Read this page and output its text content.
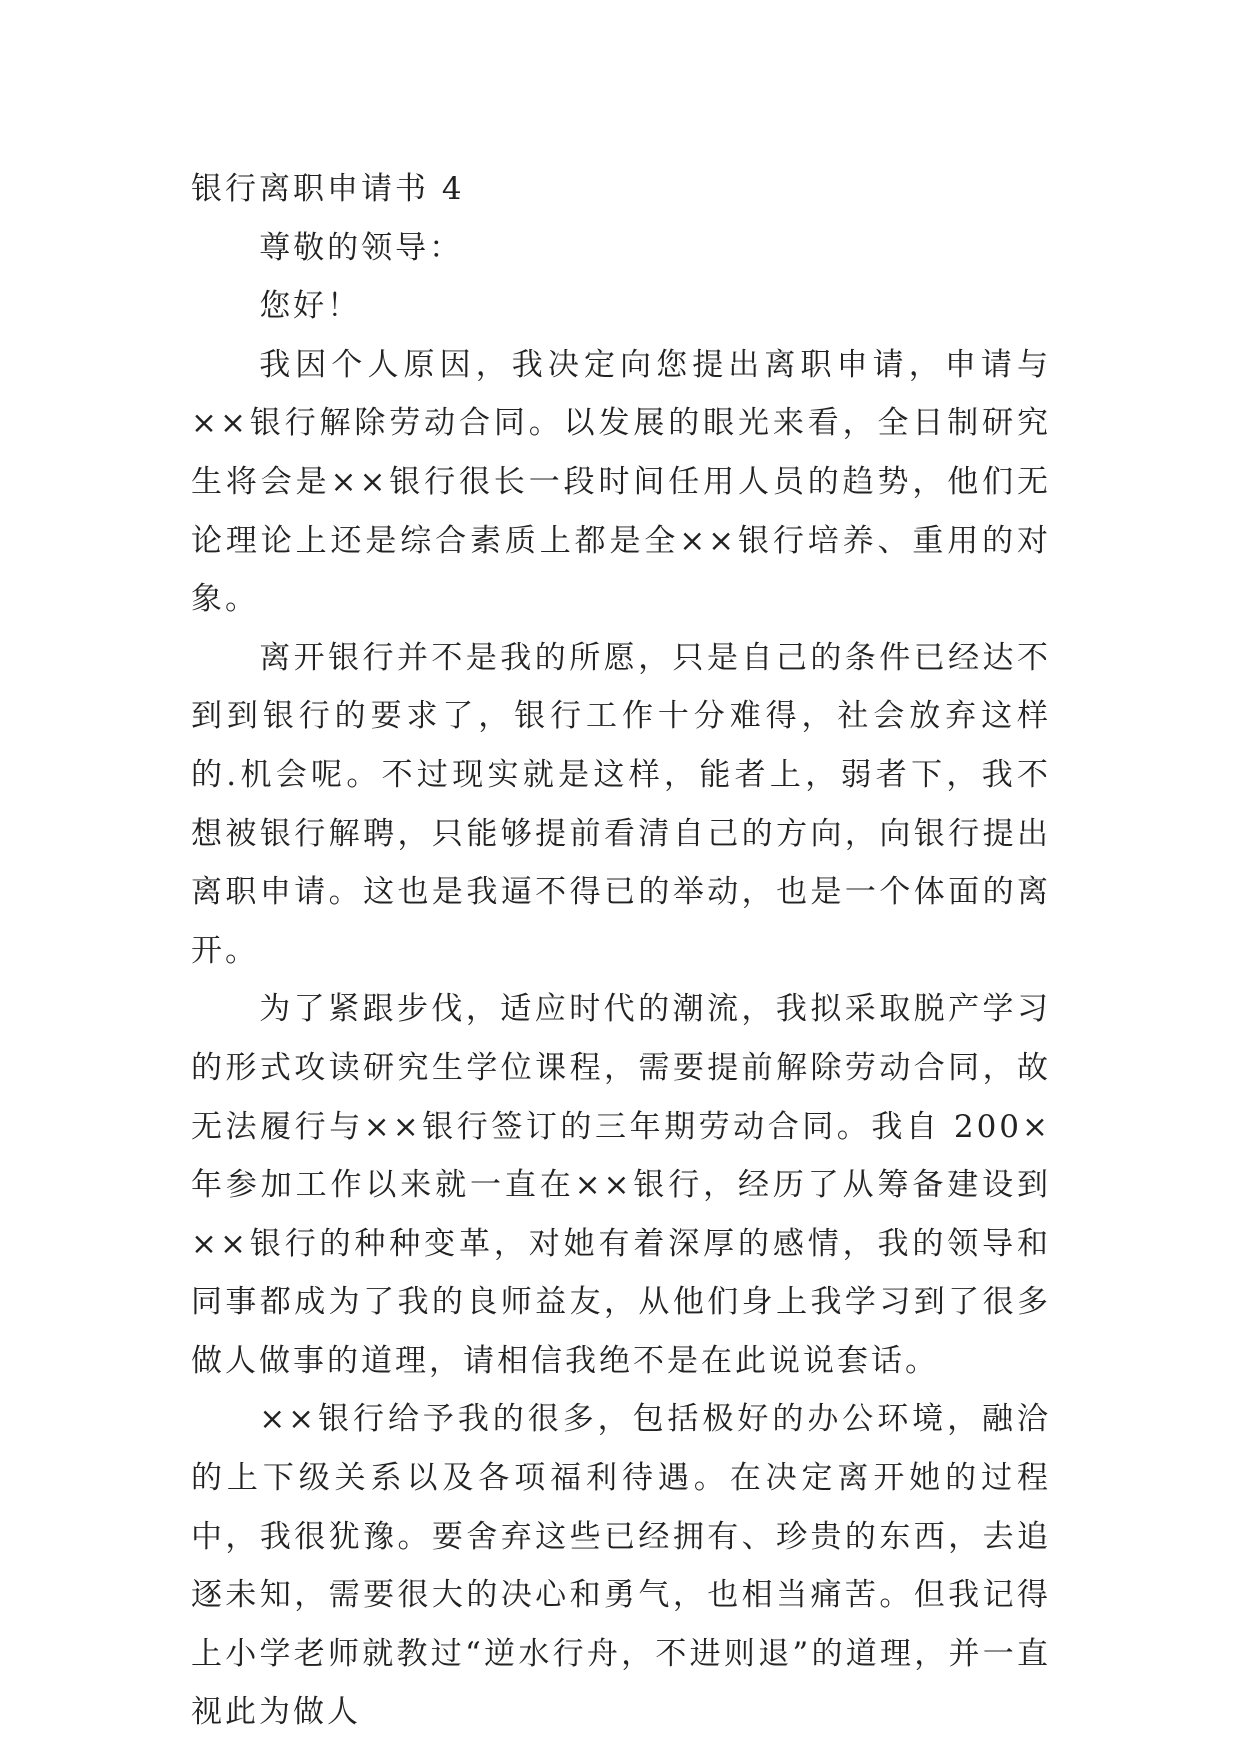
银行离职申请书 4

尊敬的领导：

您好！

我因个人原因，我决定向您提出离职申请，申请与××银行解除劳动合同。以发展的眼光来看，全日制研究生将会是××银行很长一段时间任用人员的趋势，他们无论理论上还是综合素质上都是全××银行培养、重用的对象。

离开银行并不是我的所愿，只是自己的条件已经达不到到银行的要求了，银行工作十分难得，社会放弃这样的.机会呢。不过现实就是这样，能者上，弱者下，我不想被银行解聘，只能够提前看清自己的方向，向银行提出离职申请。这也是我逼不得已的举动，也是一个体面的离开。

为了紧跟步伐，适应时代的潮流，我拟采取脱产学习的形式攻读研究生学位课程，需要提前解除劳动合同，故无法履行与××银行签订的三年期劳动合同。我自 200×年参加工作以来就一直在××银行，经历了从筹备建设到××银行的种种变革，对她有着深厚的感情，我的领导和同事都成为了我的良师益友，从他们身上我学习到了很多做人做事的道理，请相信我绝不是在此说说套话。

××银行给予我的很多，包括极好的办公环境，融洽的上下级关系以及各项福利待遇。在决定离开她的过程中，我很犹豫。要舍弃这些已经拥有、珍贵的东西，去追逐未知，需要很大的决心和勇气，也相当痛苦。但我记得上小学老师就教过“逆水行舟，不进则退”的道理，并一直视此为做人
